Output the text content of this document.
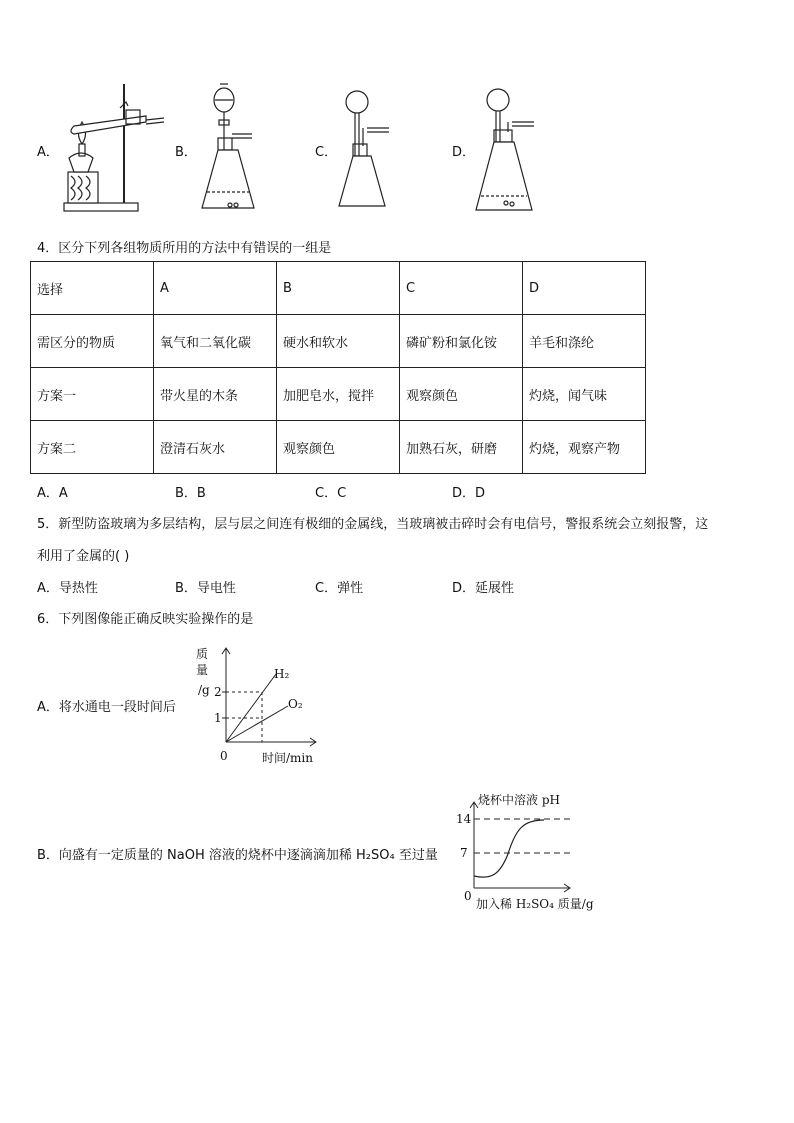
A．	B．	C．	D．
4．区分下列各组物质所用的方法中有错误的一组是
选择	A	B	C	D
需区分的物质	氧气和二氧化碳	硬水和软水	磷矿粉和氯化铵	羊毛和涤纶
方案一	带火星的木条	加肥皂水，搅拌	观察颜色	灼烧，闻气味
方案二	澄清石灰水	观察颜色	加熟石灰，研磨	灼烧，观察产物
A．A	B．B	C．C	D．D
5．新型防盗玻璃为多层结构，层与层之间连有极细的金属线，当玻璃被击碎时会有电信号，警报系统会立刻报警，这
利用了金属的( )
A．导热性	B．导电性	C．弹性	D．延展性
6．下列图像能正确反映实验操作的是
A．将水通电一段时间后
质
量
/g 2
1
H₂
O₂
0	时间/min
B．向盛有一定质量的 NaOH 溶液的烧杯中逐滴滴加稀 H₂SO₄ 至过量
烧杯中溶液 pH
14
7
0
加入稀 H₂SO₄ 质量/g
